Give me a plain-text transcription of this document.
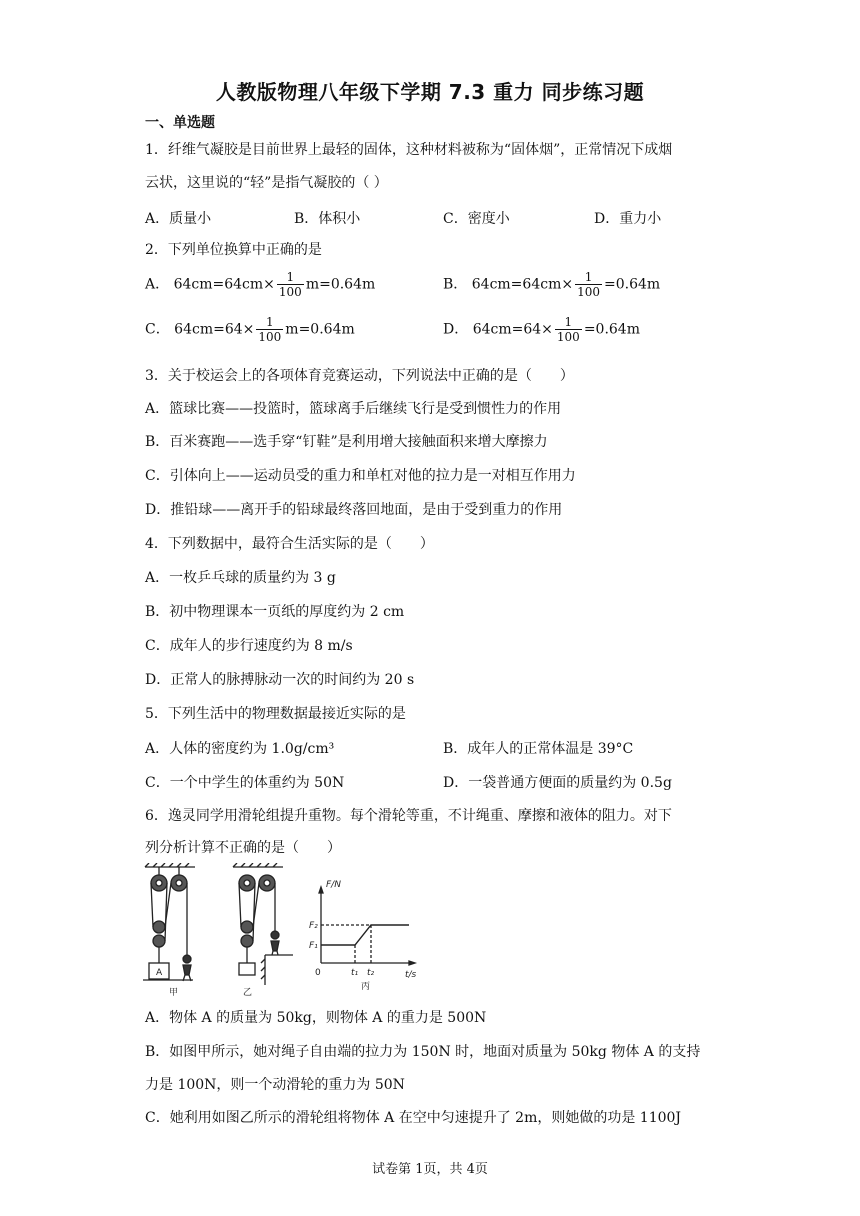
人教版物理八年级下学期 7.3 重力 同步练习题
一、单选题
1．纤维气凝胶是目前世界上最轻的固体，这种材料被称为“固体烟”，正常情况下成烟
云状，这里说的“轻”是指气凝胶的（ ）
A．质量小	B．体积小	C．密度小	D．重力小
2．下列单位换算中正确的是
A． $64cm=64cm\times \frac{1}{100} m=0.64m$	B． $64cm=64cm\times \frac{1}{100} =0.64m$
C． $64cm=64\times \frac{1}{100} m=0.64m$	D． $64cm=64\times \frac{1}{100} =0.64m$
3．关于校运会上的各项体育竞赛运动，下列说法中正确的是（　　）
A．篮球比赛——投篮时，篮球离手后继续飞行是受到惯性力的作用
B．百米赛跑——选手穿“钉鞋”是利用增大接触面积来增大摩擦力
C．引体向上——运动员受的重力和单杠对他的拉力是一对相互作用力
D．推铅球——离开手的铅球最终落回地面，是由于受到重力的作用
4．下列数据中，最符合生活实际的是（　　）
A．一枚乒乓球的质量约为 3 g
B．初中物理课本一页纸的厚度约为 2 cm
C．成年人的步行速度约为 8 m/s
D．正常人的脉搏脉动一次的时间约为 20 s
5．下列生活中的物理数据最接近实际的是
A．人体的密度约为 1.0g/cm³	B．成年人的正常体温是 39°C
C．一个中学生的体重约为 50N	D．一袋普通方便面的质量约为 0.5g
6．逸灵同学用滑轮组提升重物。每个滑轮等重，不计绳重、摩擦和液体的阻力。对下
列分析计算不正确的是（　　）
A
甲	乙
丙
F/N
t/s
F₂
F₁
t₁ t₂
0
A．物体 A 的质量为 50kg，则物体 A 的重力是 500N
B．如图甲所示，她对绳子自由端的拉力为 150N 时，地面对质量为 50kg 物体 A 的支持
力是 100N，则一个动滑轮的重力为 50N
C．她利用如图乙所示的滑轮组将物体 A 在空中匀速提升了 2m，则她做的功是 1100J
试卷第 1页，共 4页
